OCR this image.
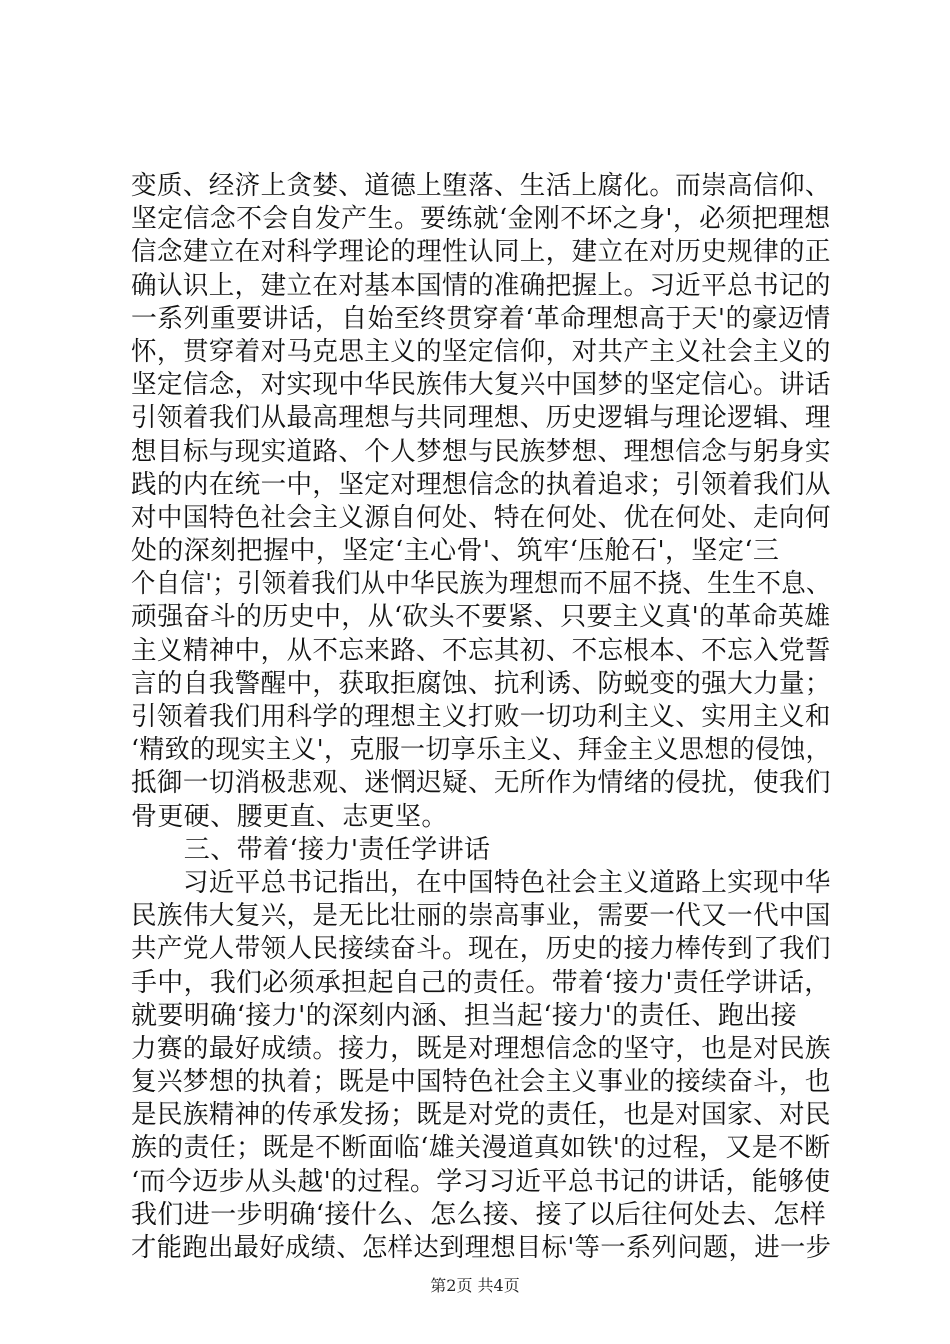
变质、经济上贪婪、道德上堕落、生活上腐化。而崇高信仰、
坚定信念不会自发产生。要练就‘金刚不坏之身'，必须把理想
信念建立在对科学理论的理性认同上，建立在对历史规律的正
确认识上，建立在对基本国情的准确把握上。习近平总书记的
一系列重要讲话，自始至终贯穿着‘革命理想高于天'的豪迈情
怀，贯穿着对马克思主义的坚定信仰，对共产主义社会主义的
坚定信念，对实现中华民族伟大复兴中国梦的坚定信心。讲话
引领着我们从最高理想与共同理想、历史逻辑与理论逻辑、理
想目标与现实道路、个人梦想与民族梦想、理想信念与躬身实
践的内在统一中，坚定对理想信念的执着追求；引领着我们从
对中国特色社会主义源自何处、特在何处、优在何处、走向何
处的深刻把握中，坚定‘主心骨'、筑牢‘压舱石'，坚定‘三
个自信'；引领着我们从中华民族为理想而不屈不挠、生生不息、
顽强奋斗的历史中，从‘砍头不要紧、只要主义真'的革命英雄
主义精神中，从不忘来路、不忘其初、不忘根本、不忘入党誓
言的自我警醒中，获取拒腐蚀、抗利诱、防蜕变的强大力量；
引领着我们用科学的理想主义打败一切功利主义、实用主义和
‘精致的现实主义'，克服一切享乐主义、拜金主义思想的侵蚀，
抵御一切消极悲观、迷惘迟疑、无所作为情绪的侵扰，使我们
骨更硬、腰更直、志更坚。
　　三、带着‘接力'责任学讲话
　　习近平总书记指出，在中国特色社会主义道路上实现中华
民族伟大复兴，是无比壮丽的崇高事业，需要一代又一代中国
共产党人带领人民接续奋斗。现在，历史的接力棒传到了我们
手中，我们必须承担起自己的责任。带着‘接力'责任学讲话，
就要明确‘接力'的深刻内涵、担当起‘接力'的责任、跑出接
力赛的最好成绩。接力，既是对理想信念的坚守，也是对民族
复兴梦想的执着；既是中国特色社会主义事业的接续奋斗，也
是民族精神的传承发扬；既是对党的责任，也是对国家、对民
族的责任；既是不断面临‘雄关漫道真如铁'的过程，又是不断
‘而今迈步从头越'的过程。学习习近平总书记的讲话，能够使
我们进一步明确‘接什么、怎么接、接了以后往何处去、怎样
才能跑出最好成绩、怎样达到理想目标'等一系列问题，进一步
第2页 共4页
